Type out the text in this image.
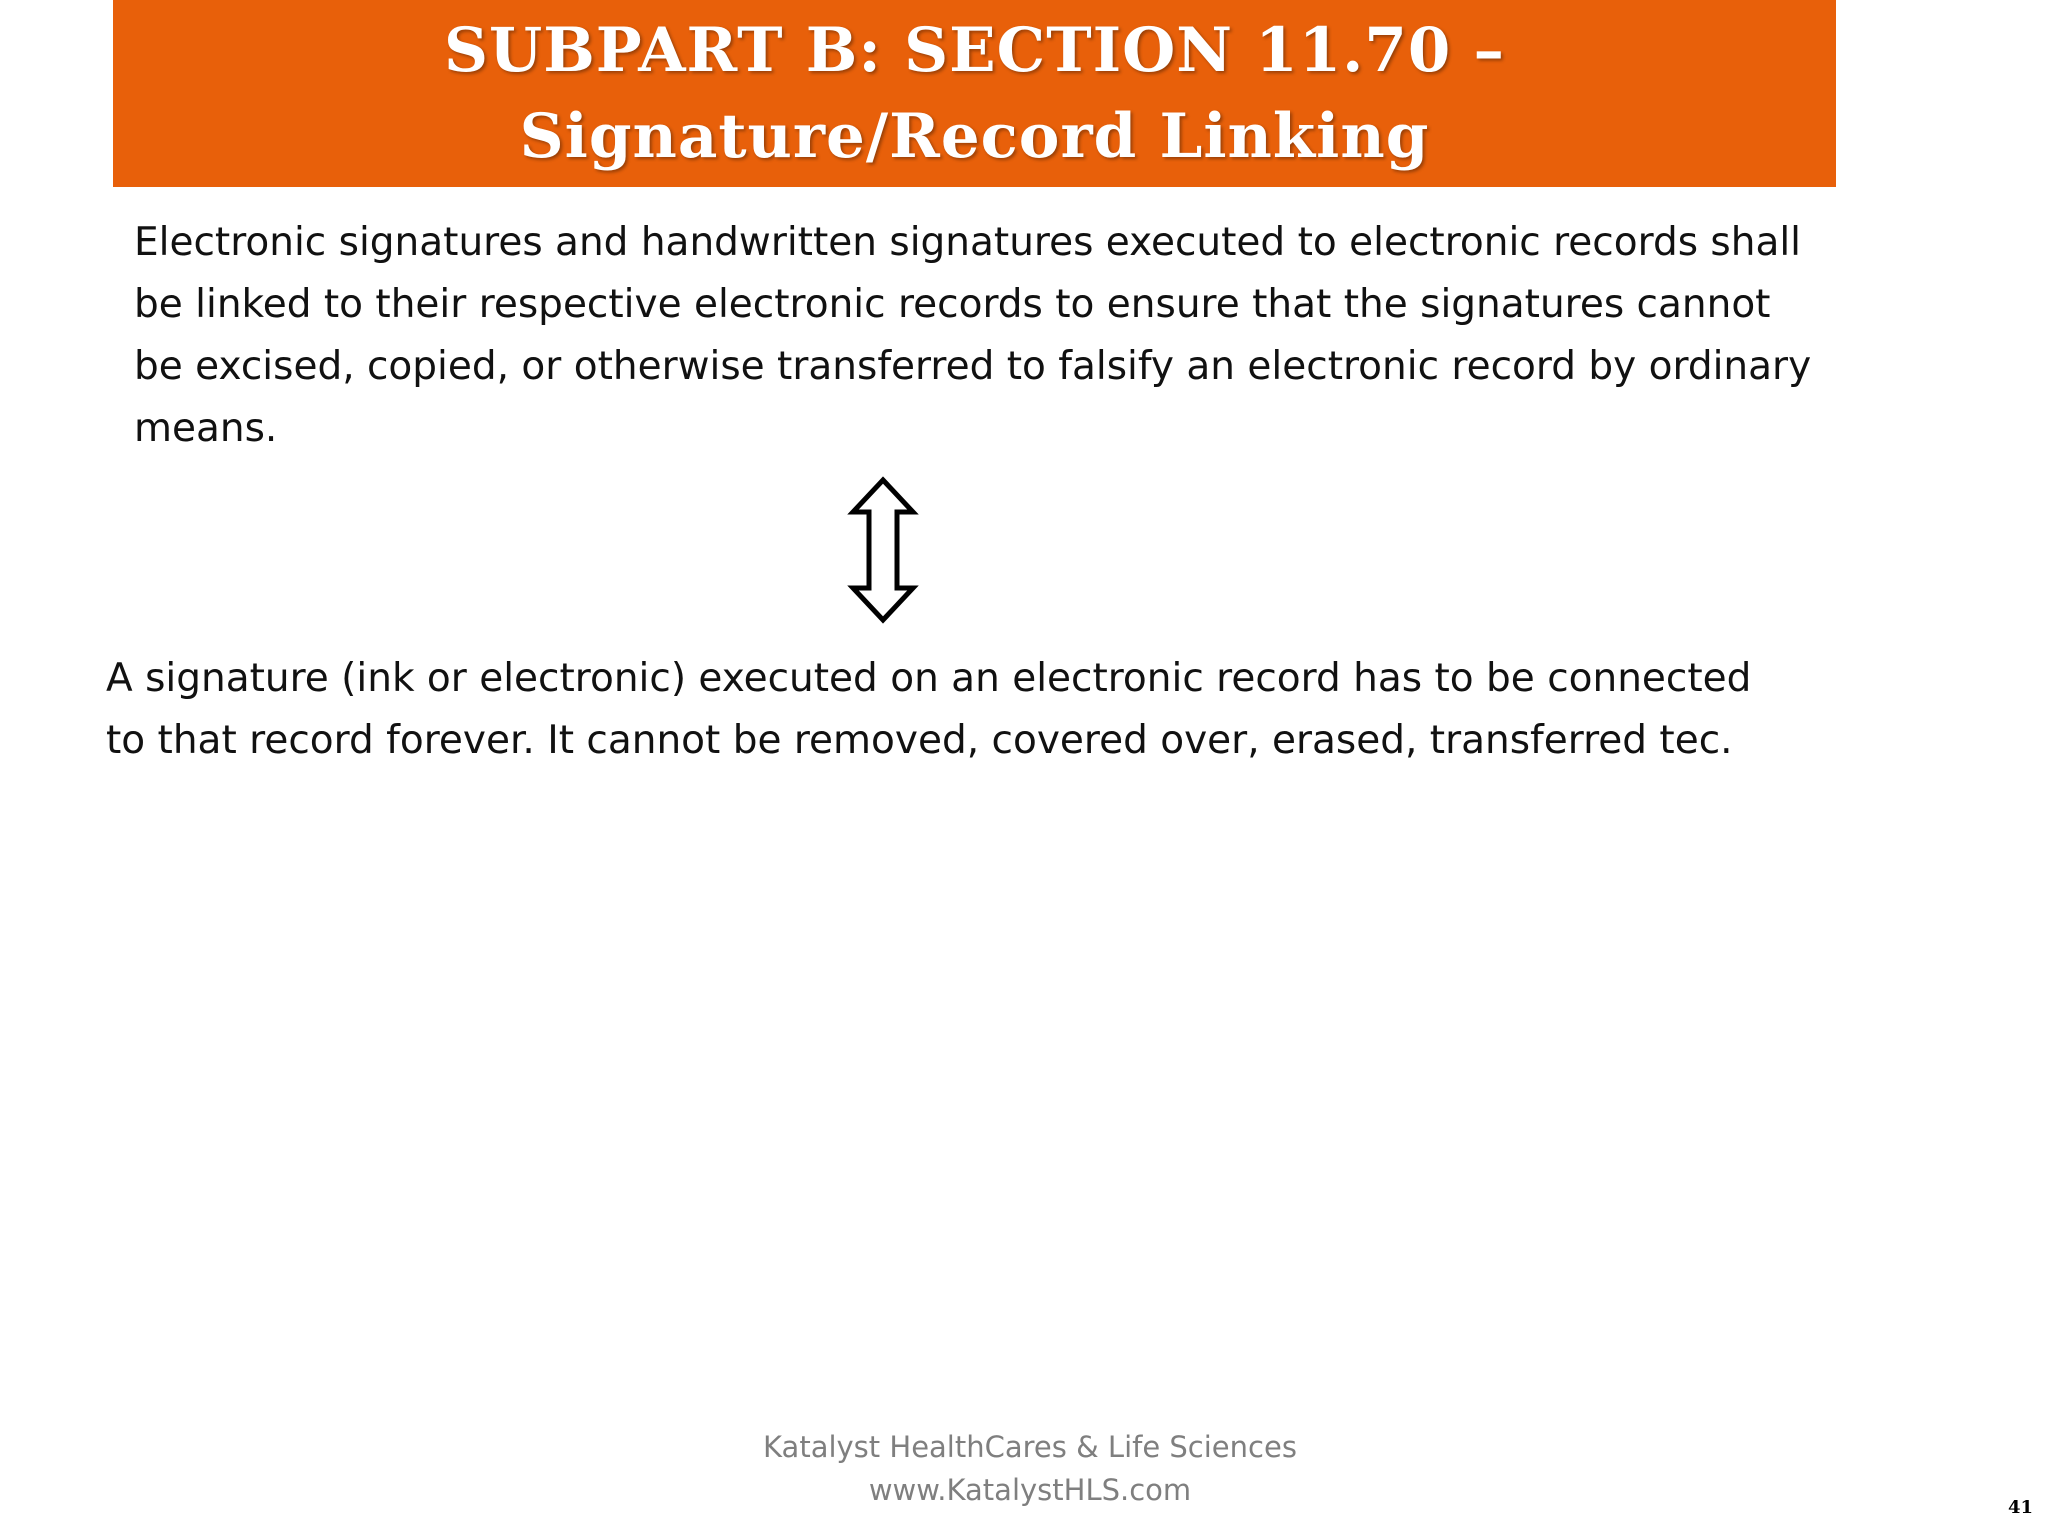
SUBPART B: SECTION 11.70 –
Signature/Record Linking

Electronic signatures and handwritten signatures executed to electronic records shall be linked to their respective electronic records to ensure that the signatures cannot be excised, copied, or otherwise transferred to falsify an electronic record by ordinary means.

A signature (ink or electronic) executed on an electronic record has to be connected to that record forever. It cannot be removed, covered over, erased, transferred tec.

Katalyst HealthCares & Life Sciences
www.KatalystHLS.com
41
